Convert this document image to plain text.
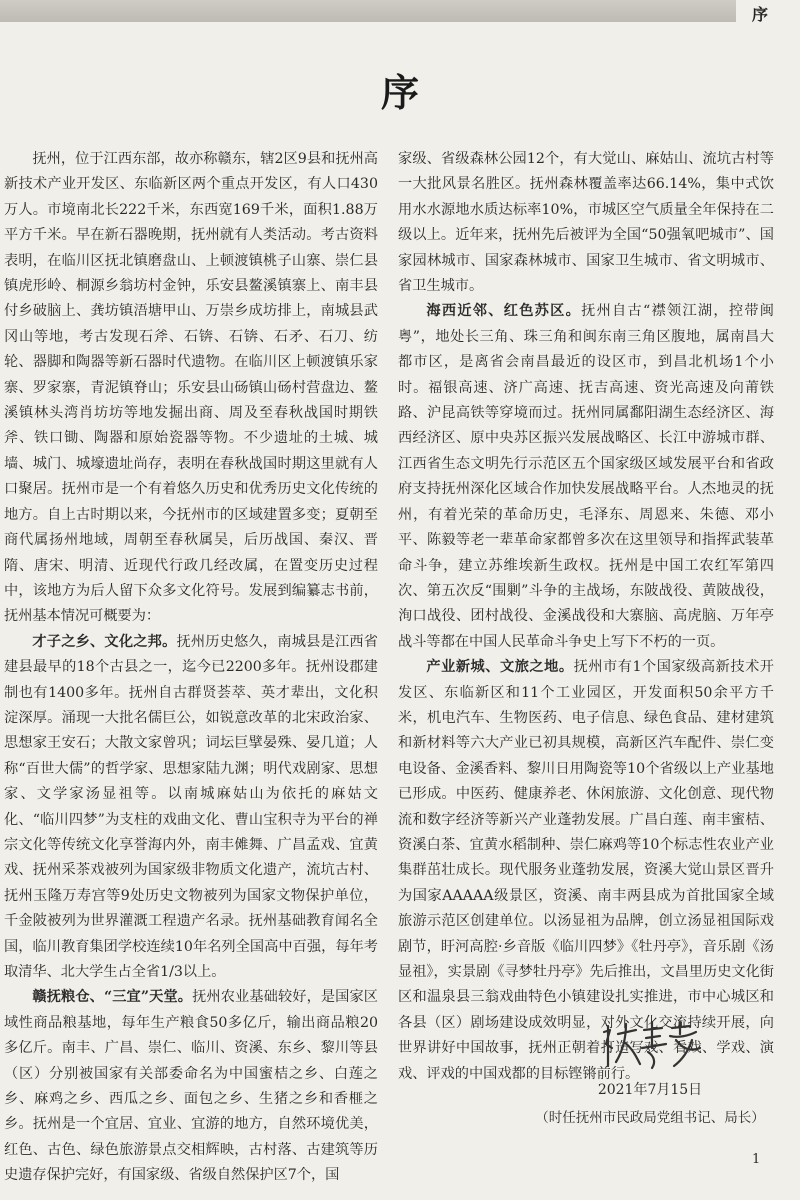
序
序

抚州，位于江西东部，故亦称赣东，辖2区9县和抚州高新技术产业开发区、东临新区两个重点开发区，有人口430万人。市境南北长222千米，东西宽169千米，面积1.88万平方千米。早在新石器晚期，抚州就有人类活动。考古资料表明，在临川区抚北镇磨盘山、上顿渡镇桃子山寨、崇仁县镇虎形岭、桐源乡翁坊村金钟，乐安县鳌溪镇寨上、南丰县付乡破脑上、龚坊镇浯塘甲山、万崇乡成坊排上，南城县武冈山等地，考古发现石斧、石锛、石锛、石矛、石刀、纺轮、器脚和陶器等新石器时代遗物。在临川区上顿渡镇乐家寨、罗家寨，青泥镇脊山；乐安县山砀镇山砀村营盘边、鳌溪镇林头湾肖坊坊等地发掘出商、周及至春秋战国时期铁斧、铁口锄、陶器和原始瓷器等物。不少遗址的土城、城墙、城门、城壕遗址尚存，表明在春秋战国时期这里就有人口聚居。抚州市是一个有着悠久历史和优秀历史文化传统的地方。自上古时期以来，今抚州市的区域建置多变；夏朝至商代属扬州地域，周朝至春秋属吴，后历战国、秦汉、晋隋、唐宋、明清、近现代行政几经改属，在置变历史过程中，该地方为后人留下众多文化符号。发展到编纂志书前，抚州基本情况可概要为：

才子之乡、文化之邦。抚州历史悠久，南城县是江西省建县最早的18个古县之一，迄今已2200多年。抚州设郡建制也有1400多年。抚州自古群贤荟萃、英才辈出，文化积淀深厚。涌现一大批名儒巨公，如锐意改革的北宋政治家、思想家王安石；大散文家曾巩；词坛巨擘晏殊、晏几道；人称“百世大儒”的哲学家、思想家陆九渊；明代戏剧家、思想家、文学家汤显祖等。以南城麻姑山为依托的麻姑文化、“临川四梦”为支柱的戏曲文化、曹山宝积寺为平台的禅宗文化等传统文化享誉海内外，南丰傩舞、广昌孟戏、宜黄戏、抚州采茶戏被列为国家级非物质文化遗产，流坑古村、抚州玉隆万寿宫等9处历史文物被列为国家文物保护单位，千金陂被列为世界灌溉工程遗产名录。抚州基础教育闻名全国，临川教育集团学校连续10年名列全国高中百强，每年考取清华、北大学生占全省1/3以上。

赣抚粮仓、“三宜”天堂。抚州农业基础较好，是国家区域性商品粮基地，每年生产粮食50多亿斤，输出商品粮20多亿斤。南丰、广昌、崇仁、临川、资溪、东乡、黎川等县（区）分别被国家有关部委命名为中国蜜桔之乡、白莲之乡、麻鸡之乡、西瓜之乡、面包之乡、生猪之乡和香榧之乡。抚州是一个宜居、宜业、宜游的地方，自然环境优美，红色、古色、绿色旅游景点交相辉映，古村落、古建筑等历史遗存保护完好，有国家级、省级自然保护区7个，国

家级、省级森林公园12个，有大觉山、麻姑山、流坑古村等一大批风景名胜区。抚州森林覆盖率达66.14%，集中式饮用水水源地水质达标率10%，市城区空气质量全年保持在二级以上。近年来，抚州先后被评为全国“50强氧吧城市”、国家园林城市、国家森林城市、国家卫生城市、省文明城市、省卫生城市。

海西近邻、红色苏区。抚州自古“襟领江湖，控带闽粤”，地处长三角、珠三角和闽东南三角区腹地，属南昌大都市区，是离省会南昌最近的设区市，到昌北机场1个小时。福银高速、济广高速、抚吉高速、资光高速及向莆铁路、沪昆高铁等穿境而过。抚州同属鄱阳湖生态经济区、海西经济区、原中央苏区振兴发展战略区、长江中游城市群、江西省生态文明先行示范区五个国家级区域发展平台和省政府支持抚州深化区域合作加快发展战略平台。人杰地灵的抚州，有着光荣的革命历史，毛泽东、周恩来、朱德、邓小平、陈毅等老一辈革命家都曾多次在这里领导和指挥武装革命斗争，建立苏维埃新生政权。抚州是中国工农红军第四次、第五次反“围剿”斗争的主战场，东陂战役、黄陂战役，洵口战役、团村战役、金溪战役和大寨脑、高虎脑、万年亭战斗等都在中国人民革命斗争史上写下不朽的一页。

产业新城、文旅之地。抚州市有1个国家级高新技术开发区、东临新区和11个工业园区，开发面积50余平方千米，机电汽车、生物医药、电子信息、绿色食品、建材建筑和新材料等六大产业已初具规模，高新区汽车配件、崇仁变电设备、金溪香料、黎川日用陶瓷等10个省级以上产业基地已形成。中医药、健康养老、休闲旅游、文化创意、现代物流和数字经济等新兴产业蓬勃发展。广昌白莲、南丰蜜桔、资溪白茶、宜黄水稻制种、崇仁麻鸡等10个标志性农业产业集群茁壮成长。现代服务业蓬勃发展，资溪大觉山景区晋升为国家AAAAA级景区，资溪、南丰两县成为首批国家全域旅游示范区创建单位。以汤显祖为品牌，创立汤显祖国际戏剧节，盱河高腔·乡音版《临川四梦》《牡丹亭》，音乐剧《汤显祖》，实景剧《寻梦牡丹亭》先后推出，文昌里历史文化街区和温泉县三翁戏曲特色小镇建设扎实推进，市中心城区和各县（区）剧场建设成效明显，对外文化交流持续开展，向世界讲好中国故事，抚州正朝着打造写戏、看戏、学戏、演戏、评戏的中国戏都的目标铿锵前行。

2021年7月15日
（时任抚州市民政局党组书记、局长）
1
